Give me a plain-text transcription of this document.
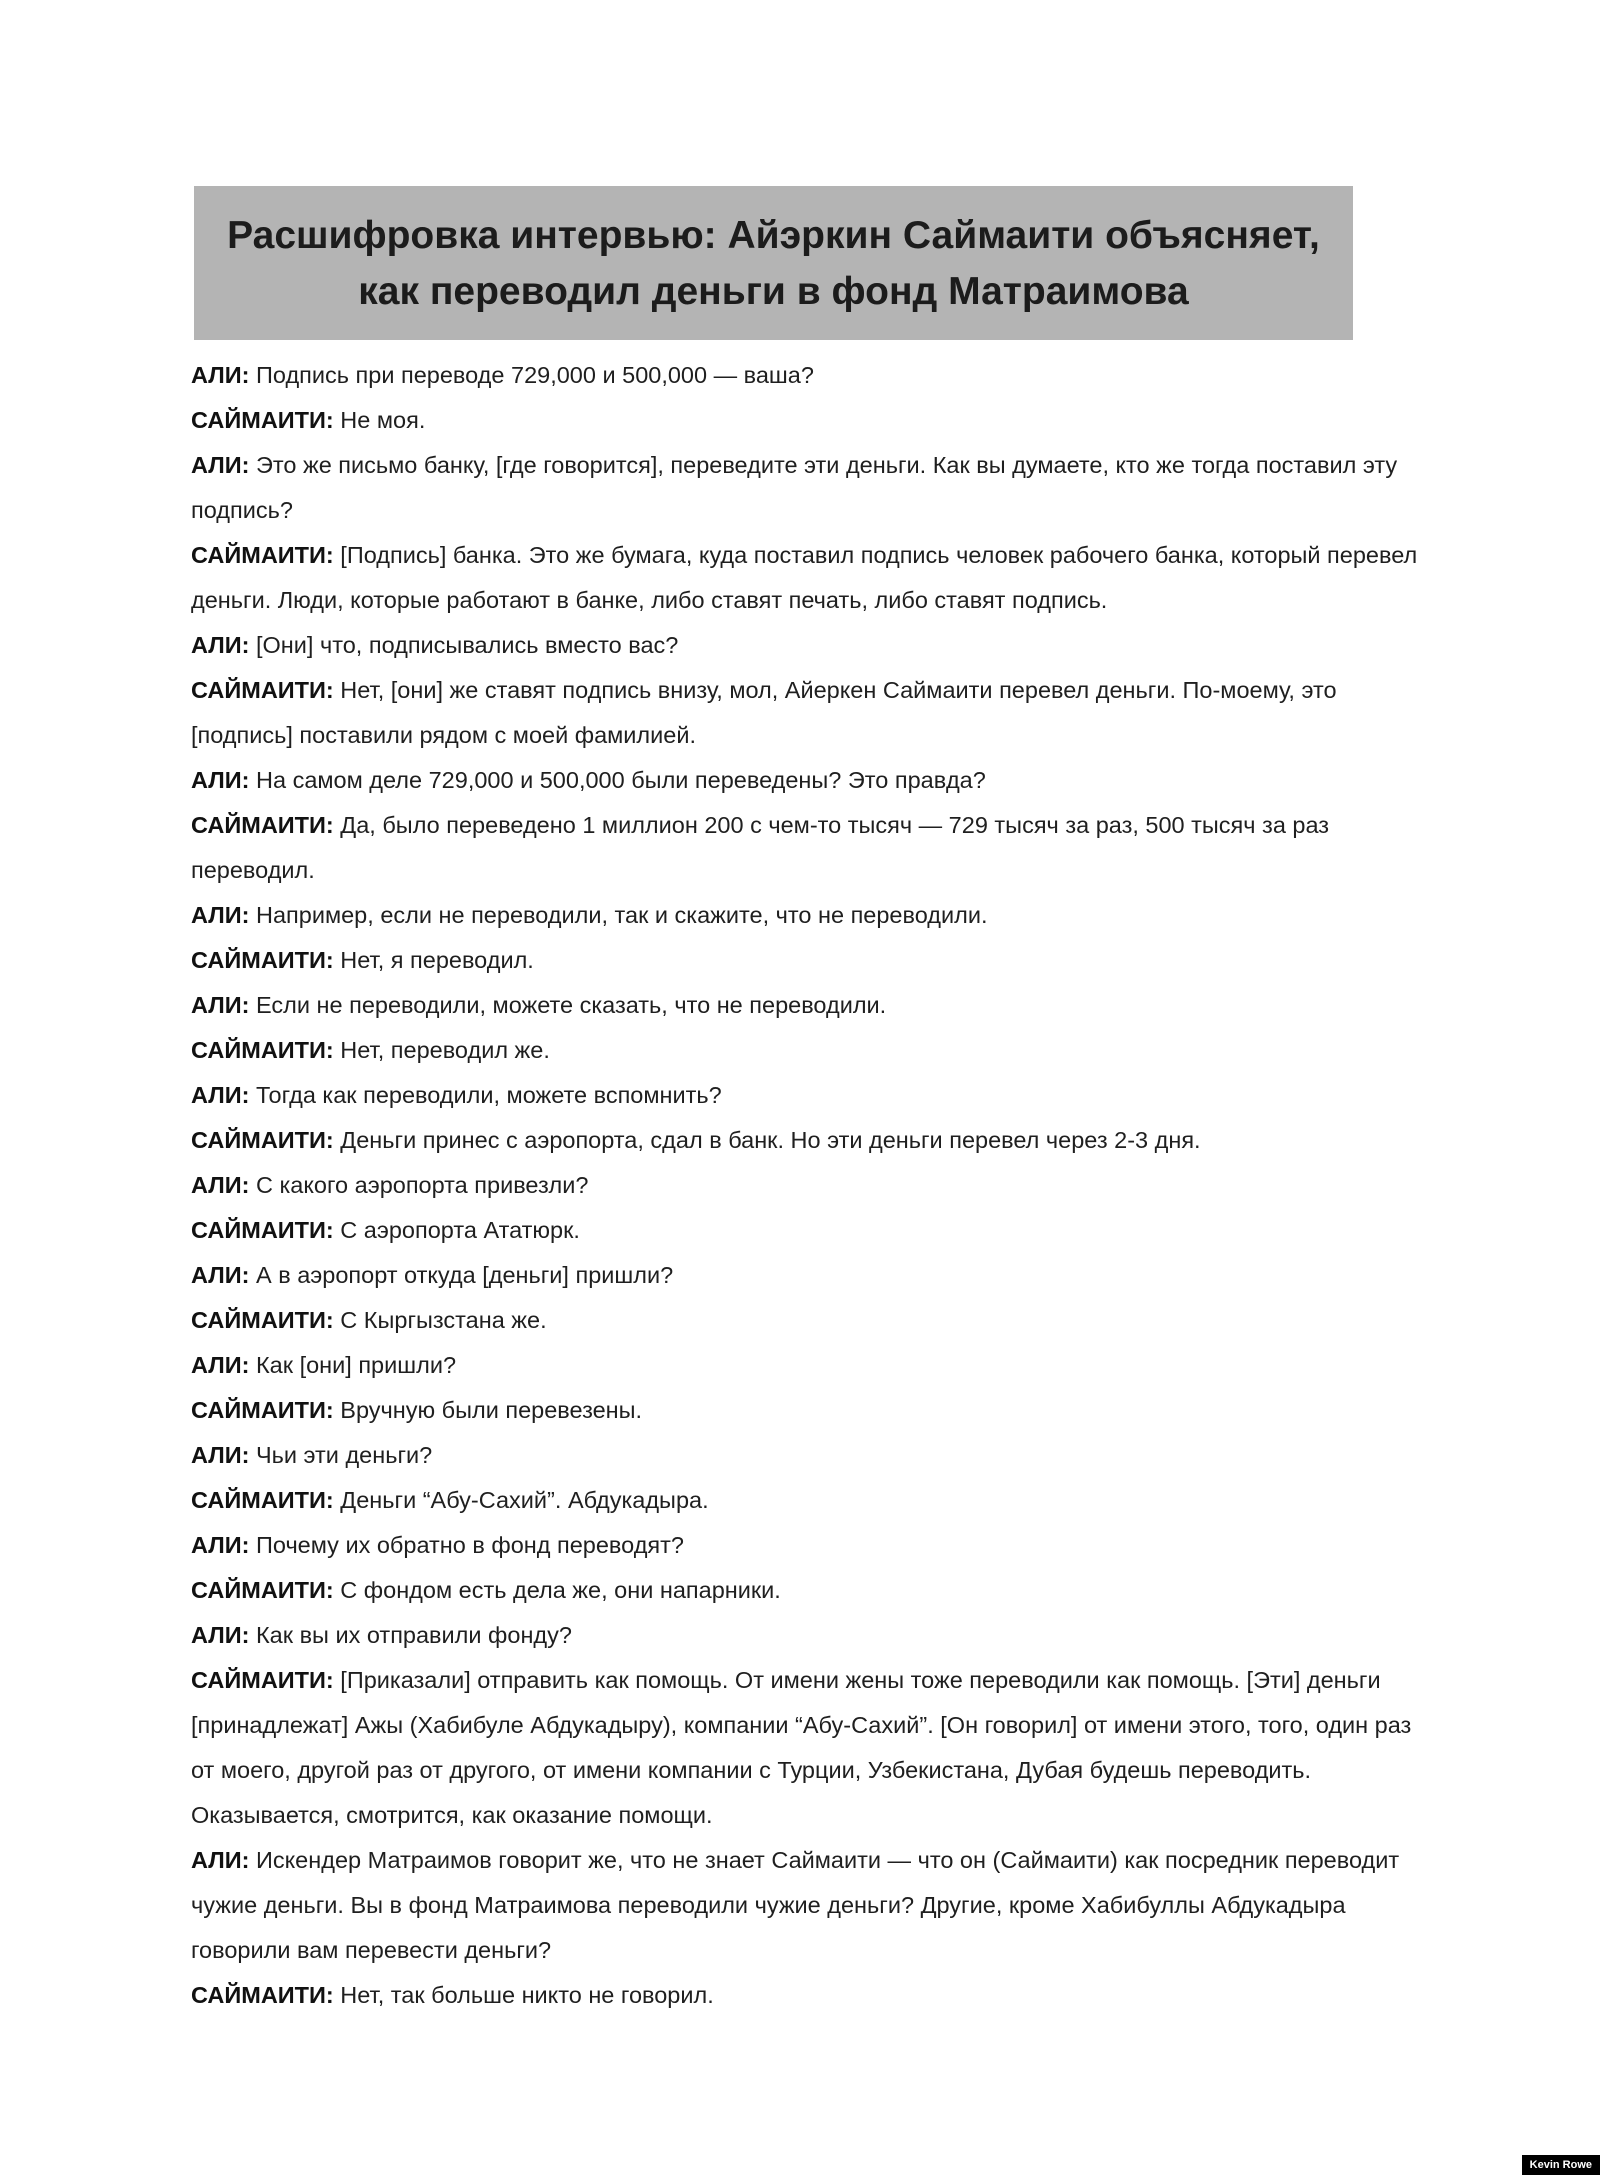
Расшифровка интервью: Айэркин Саймаити объясняет,
как переводил деньги в фонд Матраимова

АЛИ: Подпись при переводе 729,000 и 500,000 — ваша?

САЙМАИТИ: Не моя.

АЛИ: Это же письмо банку, [где говорится], переведите эти деньги. Как вы думаете, кто же тогда поставил эту подпись?

САЙМАИТИ: [Подпись] банка. Это же бумага, куда поставил подпись человек рабочего банка, который перевел деньги. Люди, которые работают в банке, либо ставят печать, либо ставят подпись.

АЛИ: [Они] что, подписывались вместо вас?

САЙМАИТИ: Нет, [они] же ставят подпись внизу, мол, Айеркен Саймаити перевел деньги. По-моему, это [подпись] поставили рядом с моей фамилией.

АЛИ: На самом деле 729,000 и 500,000 были переведены? Это правда?

САЙМАИТИ: Да, было переведено 1 миллион 200 с чем-то тысяч — 729 тысяч за раз, 500 тысяч за раз переводил.

АЛИ: Например, если не переводили, так и скажите, что не переводили.

САЙМАИТИ: Нет, я переводил.

АЛИ: Если не переводили, можете сказать, что не переводили.

САЙМАИТИ: Нет, переводил же.

АЛИ: Тогда как переводили, можете вспомнить?

САЙМАИТИ: Деньги принес с аэропорта, сдал в банк. Но эти деньги перевел через 2-3 дня.

АЛИ: С какого аэропорта привезли?

САЙМАИТИ: С аэропорта Ататюрк.

АЛИ: А в аэропорт откуда [деньги] пришли?

САЙМАИТИ: С Кыргызстана же.

АЛИ: Как [они] пришли?

САЙМАИТИ: Вручную были перевезены.

АЛИ: Чьи эти деньги?

САЙМАИТИ: Деньги “Абу-Сахий”. Абдукадыра.

АЛИ: Почему их обратно в фонд переводят?

САЙМАИТИ: С фондом есть дела же, они напарники.

АЛИ: Как вы их отправили фонду?

САЙМАИТИ: [Приказали] отправить как помощь. От имени жены тоже переводили как помощь. [Эти] деньги [принадлежат] Ажы (Хабибуле Абдукадыру), компании “Абу-Сахий”. [Он говорил] от имени этого, того, один раз от моего, другой раз от другого, от имени компании с Турции, Узбекистана, Дубая будешь переводить. Оказывается, смотрится, как оказание помощи.

АЛИ: Искендер Матраимов говорит же, что не знает Саймаити — что он (Саймаити) как посредник переводит чужие деньги. Вы в фонд Матраимова переводили чужие деньги? Другие, кроме Хабибуллы Абдукадыра говорили вам перевести деньги?

САЙМАИТИ: Нет, так больше никто не говорил.

Kevin Rowe
